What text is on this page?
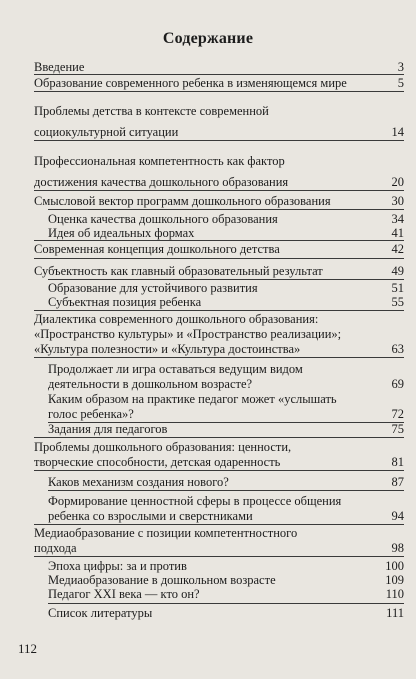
Содержание
Введение	3
Образование современного ребенка в изменяющемся мире	5
Проблемы детства в контексте современной
социокультурной ситуации	14
Профессиональная компетентность как фактор
достижения качества дошкольного образования	20
Смысловой вектор программ дошкольного образования	30
Оценка качества дошкольного образования	34
Идея об идеальных формах	41
Современная концепция дошкольного детства	42
Субъектность как главный образовательный результат	49
Образование для устойчивого развития	51
Субъектная позиция ребенка	55
Диалектика современного дошкольного образования:
«Пространство культуры» и «Пространство реализации»;
«Культура полезности» и «Культура достоинства»	63
Продолжает ли игра оставаться ведущим видом
деятельности в дошкольном возрасте?	69
Каким образом на практике педагог может «услышать
голос ребенка»?	72
Задания для педагогов	75
Проблемы дошкольного образования: ценности,
творческие способности, детская одаренность	81
Каков механизм создания нового?	87
Формирование ценностной сферы в процессе общения
ребенка со взрослыми и сверстниками	94
Медиаобразование с позиции компетентностного
подхода	98
Эпоха цифры: за и против	100
Медиаобразование в дошкольном возрасте	109
Педагог XXI века — кто он?	110
Список литературы	111
112
